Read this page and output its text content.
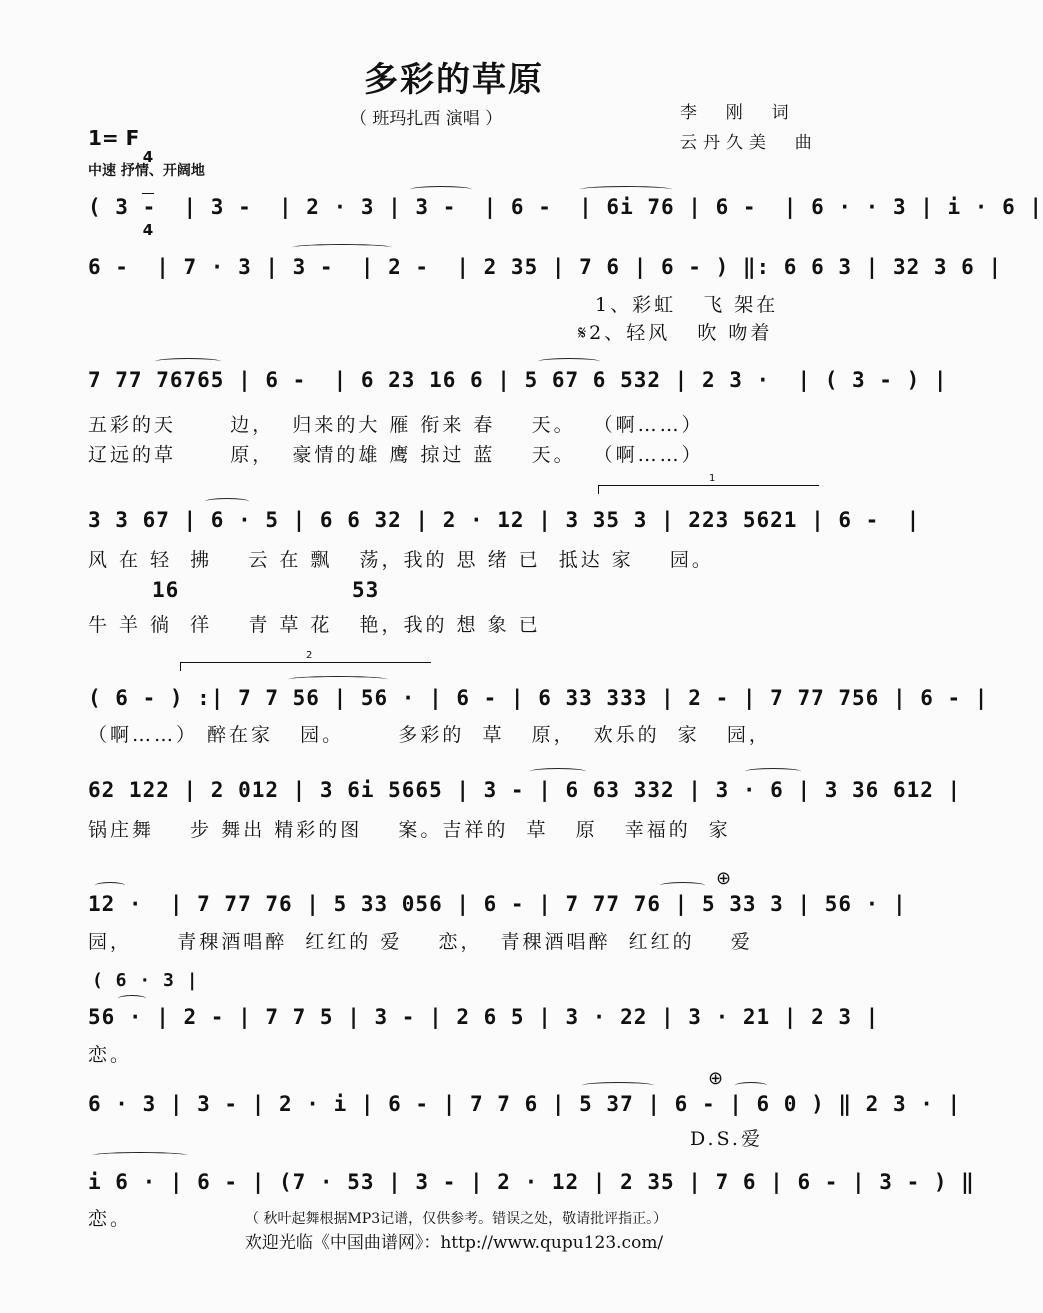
多彩的草原
（ 班玛扎西 演唱 ）	李  刚  词
云丹久美  曲
1= F

4

4

中速 抒情、开阔地
( 3 -  | 3 -  | 2 · 3 | 3 -  | 6 -  | 6i 76 | 6 -  | 6 · · 3 | i · 6 |
6 -  | 7 · 3 | 3 -  | 2 -  | 2 35 | 7 6 | 6 - ) ‖: 6 6 3 | 32 3 6 |
1、彩虹   飞 架在
𝄋2、轻风   吹 吻着
7 77 76765 | 6 -  | 6 23 16 6 | 5 67 6 532 | 2 3 ·  | ( 3 - ) |
五彩的天      边，  归来的大 雁 衔来 春    天。  （啊……）
辽远的草      原，  豪情的雄 鹰 掠过 蓝    天。  （啊……）
1
3 3 67 | 6 · 5 | 6 6 32 | 2 · 12 | 3 35 3 | 223 5621 | 6 -  |
风 在 轻  拂    云 在 飘   荡，我的 思 绪 已  抵达 家    园。
16	53
牛 羊 徜  徉    青 草 花   艳，我的 想 象 已
2
( 6 - ) :| 7 7 56 | 56 · | 6 - | 6 33 333 | 2 - | 7 77 756 | 6 - |
（啊……） 醉在家   园。      多彩的  草   原，  欢乐的  家   园，
62 122 | 2 012 | 3 6i 5665 | 3 - | 6 63 332 | 3 · 6 | 3 36 612 |
锅庄舞    步 舞出 精彩的图    案。吉祥的  草   原   幸福的  家
⊕
12 ·  | 7 77 76 | 5 33 056 | 6 - | 7 77 76 | 5 33 3 | 56 · |
园，     青稞酒唱醉  红红的 爱    恋，  青稞酒唱醉  红红的    爱
( 6 · 3 |
56 · | 2 - | 7 7 5 | 3 - | 2 6 5 | 3 · 22 | 3 · 21 | 2 3 |
恋。
⊕
6 · 3 | 3 - | 2 · i | 6 - | 7 7 6 | 5 37 | 6 - | 6 0 ) ‖ 2 3 · |
D.S.爱
i 6 · | 6 - | (7 · 53 | 3 - | 2 · 12 | 2 35 | 7 6 | 6 - | 3 - ) ‖
恋。	（ 秋叶起舞根据MP3记谱，仅供参考。错误之处，敬请批评指正。）
欢迎光临《中国曲谱网》：http://www.qupu123.com/
